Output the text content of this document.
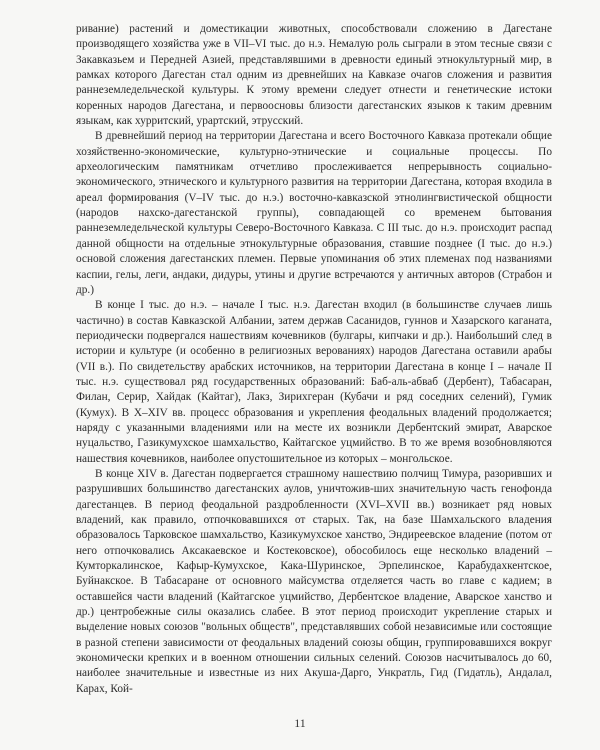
ривание) растений и доместикации животных, способствовали сложению в Дагестане производящего хозяйства уже в VII–VI тыс. до н.э. Немалую роль сыграли в этом тесные связи с Закавказьем и Передней Азией, представлявшими в древности единый этнокультурный мир, в рамках которого Дагестан стал одним из древнейших на Кавказе очагов сложения и развития раннеземледельческой культуры. К этому времени следует отнести и генетические истоки коренных народов Дагестана, и первоосновы близости дагестанских языков к таким древним языкам, как хурритский, урартский, этрусский.

В древнейший период на территории Дагестана и всего Восточного Кавказа протекали общие хозяйственно-экономические, культурно-этнические и социальные процессы. По археологическим памятникам отчетливо прослеживается непрерывность социально-экономического, этнического и культурного развития на территории Дагестана, которая входила в ареал формирования (V–IV тыс. до н.э.) восточно-кавказской этнолингвистической общности (народов нахско-дагестанской группы), совпадающей со временем бытования раннеземледельческой культуры Северо-Восточного Кавказа. С III тыс. до н.э. происходит распад данной общности на отдельные этнокультурные образования, ставшие позднее (I тыс. до н.э.) основой сложения дагестанских племен. Первые упоминания об этих племенах под названиями каспии, гелы, леги, андаки, дидуры, утины и другие встречаются у античных авторов (Страбон и др.)

В конце I тыс. до н.э. – начале I тыс. н.э. Дагестан входил (в большинстве случаев лишь частично) в состав Кавказской Албании, затем держав Сасанидов, гуннов и Хазарского каганата, периодически подвергался нашествиям кочевников (булгары, кипчаки и др.). Наибольший след в истории и культуре (и особенно в религиозных верованиях) народов Дагестана оставили арабы (VII в.). По свидетельству арабских источников, на территории Дагестана в конце I – начале II тыс. н.э. существовал ряд государственных образований: Баб-аль-абваб (Дербент), Табасаран, Филан, Серир, Хайдак (Кайтаг), Лакз, Зирихгеран (Кубачи и ряд соседних селений), Гумик (Кумух). В X–XIV вв. процесс образования и укрепления феодальных владений продолжается; наряду с указанными владениями или на месте их возникли Дербентский эмират, Аварское нуцальство, Газикумухское шамхальство, Кайтагское уцмийство. В то же время возобновляются нашествия кочевников, наиболее опустошительное из которых – монгольское.

В конце XIV в. Дагестан подвергается страшному нашествию полчищ Тимура, разоривших и разрушивших большинство дагестанских аулов, уничтожив-ших значительную часть генофонда дагестанцев. В период феодальной раздробленности (XVI–XVII вв.) возникает ряд новых владений, как правило, отпочковавшихся от старых. Так, на базе Шамхальского владения образовалось Тарковское шамхальство, Казикумухское ханство, Эндиреевское владение (потом от него отпочковались Аксакаевское и Костековское), обособилось еще несколько владений – Кумторкалинское, Кафыр-Кумухское, Кака-Шуринское, Эрпелинское, Карабудахкентское, Буйнакское. В Табасаране от основного майсумства отделяется часть во главе с кадием; в оставшейся части владений (Кайтагское уцмийство, Дербентское владение, Аварское ханство и др.) центробежные силы оказались слабее. В этот период происходит укрепление старых и выделение новых союзов "вольных обществ", представлявших собой независимые или состоящие в разной степени зависимости от феодальных владений союзы общин, группировавшихся вокруг экономически крепких и в военном отношении сильных селений. Союзов насчитывалось до 60, наиболее значительные и известные из них Акуша-Дарго, Ункратль, Гид (Гидатль), Андалал, Карах, Кой-

11
